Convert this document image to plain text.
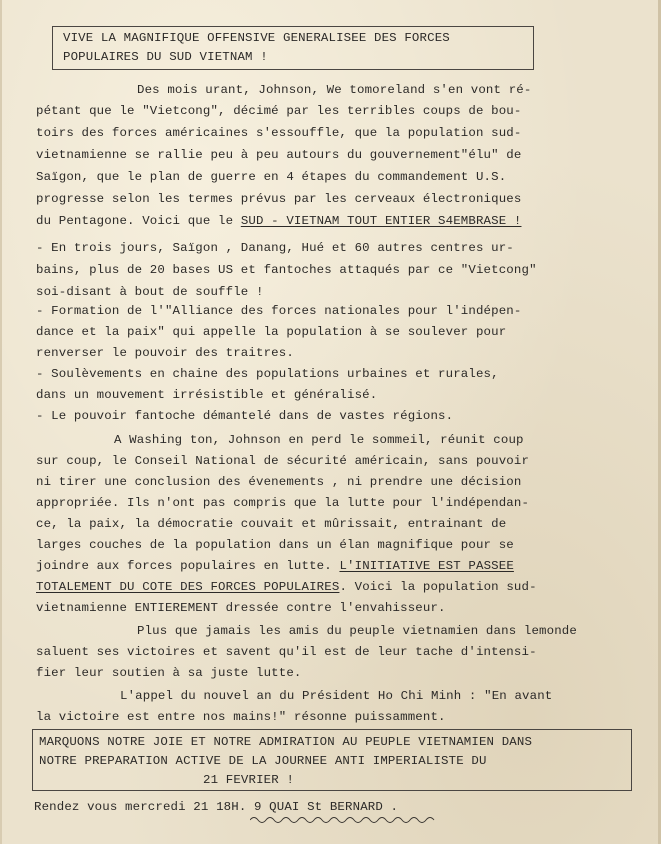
VIVE LA MAGNIFIQUE OFFENSIVE GENERALISEE DES FORCES
POPULAIRES DU SUD VIETNAM !
Des mois urant, Johnson, We tomoreland s'en vont ré-
pétant que le "Vietcong", décimé par les terribles coups de bou-
toirs des forces américaines s'essouffle, que la population sud-
vietnamienne se rallie peu à peu autours du gouvernement"élu" de
Saïgon, que le plan de guerre en 4 étapes du commandement U.S.
progresse selon les termes prévus par les cerveaux électroniques
du Pentagone. Voici que le SUD - VIETNAM TOUT ENTIER S4EMBRASE !
- En trois jours, Saïgon , Danang, Hué et 60 autres centres ur-
bains, plus de 20 bases US et fantoches attaqués par ce "Vietcong"
soi-disant à bout de souffle !
- Formation de l'"Alliance des forces nationales pour l'indépen-
dance et la paix" qui appelle la population à se soulever pour
renverser le pouvoir des traitres.
- Soulèvements en chaine des populations urbaines et rurales,
dans un mouvement irrésistible et généralisé.
- Le pouvoir fantoche démantelé dans de vastes régions.
A Washing ton, Johnson en perd le sommeil, réunit coup
sur coup, le Conseil National de sécurité américain, sans pouvoir
ni tirer une conclusion des évenements , ni prendre une décision
appropriée. Ils n'ont pas compris que la lutte pour l'indépendan-
ce, la paix, la démocratie couvait et mûrissait, entrainant de
larges couches de la population dans un élan magnifique pour se
joindre aux forces populaires en lutte. L'INITIATIVE EST PASSEE
TOTALEMENT DU COTE DES FORCES POPULAIRES. Voici la population sud-
vietnamienne ENTIEREMENT dressée contre l'envahisseur.
Plus que jamais les amis du peuple vietnamien dans lemonde
saluent ses victoires et savent qu'il est de leur tache d'intensi-
fier leur soutien à sa juste lutte.
L'appel du nouvel an du Président Ho Chi Minh : "En avant
la victoire est entre nos mains!" résonne puissamment.
MARQUONS NOTRE JOIE ET NOTRE ADMIRATION AU PEUPLE VIETNAMIEN DANS
NOTRE PREPARATION ACTIVE DE LA JOURNEE ANTI IMPERIALISTE DU
21 FEVRIER !
Rendez vous mercredi 21 18H. 9 QUAI St BERNARD .
